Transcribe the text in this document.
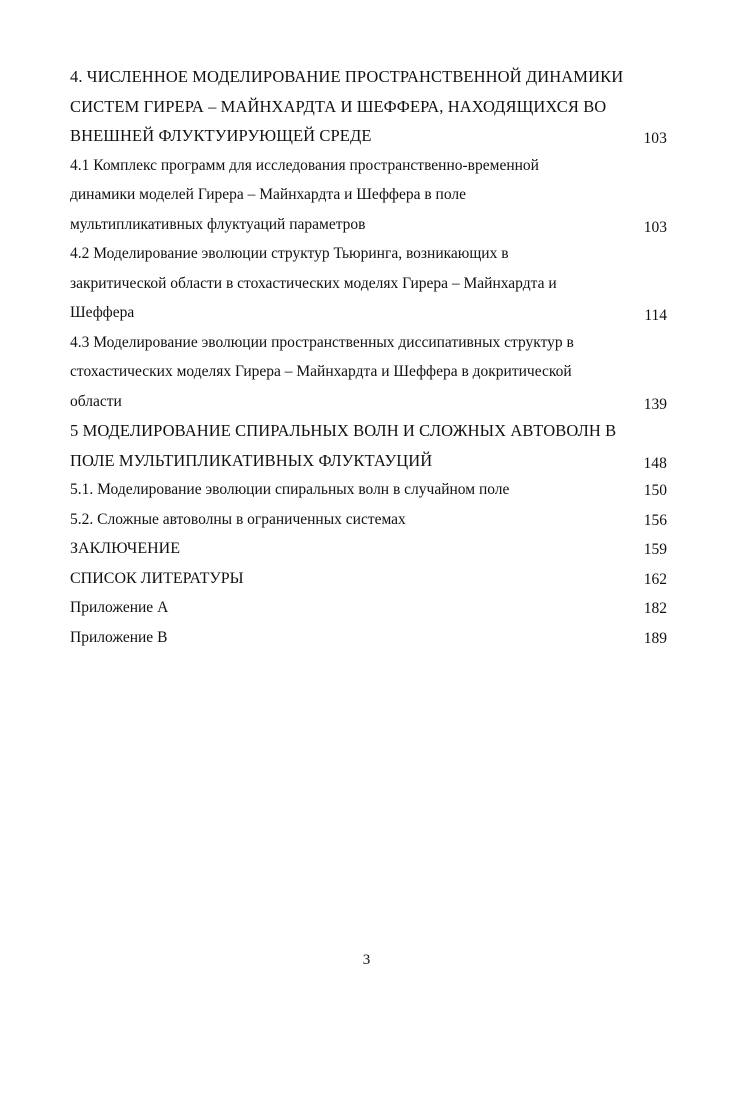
4. ЧИСЛЕННОЕ МОДЕЛИРОВАНИЕ ПРОСТРАНСТВЕННОЙ ДИНАМИКИ
СИСТЕМ ГИРЕРА – МАЙНХАРДТА И ШЕФФЕРА, НАХОДЯЩИХСЯ ВО
ВНЕШНЕЙ ФЛУКТУИРУЮЩЕЙ СРЕДЕ	103
4.1 Комплекс программ для исследования пространственно-временной
динамики моделей Гирера – Майнхардта и Шеффера в поле
мультипликативных флуктуаций параметров	103
4.2 Моделирование эволюции структур Тьюринга, возникающих в
закритической области в стохастических моделях Гирера – Майнхардта и
Шеффера	114
4.3 Моделирование эволюции пространственных диссипативных структур в
стохастических моделях Гирера – Майнхардта и Шеффера в докритической
области	139
5 МОДЕЛИРОВАНИЕ СПИРАЛЬНЫХ ВОЛН И СЛОЖНЫХ АВТОВОЛН В
ПОЛЕ МУЛЬТИПЛИКАТИВНЫХ ФЛУКТАУЦИЙ	148
5.1. Моделирование эволюции спиральных волн в случайном поле	150
5.2. Сложные автоволны в ограниченных системах	156
ЗАКЛЮЧЕНИЕ	159
СПИСОК ЛИТЕРАТУРЫ	162
Приложение А	182
Приложение В	189
3
